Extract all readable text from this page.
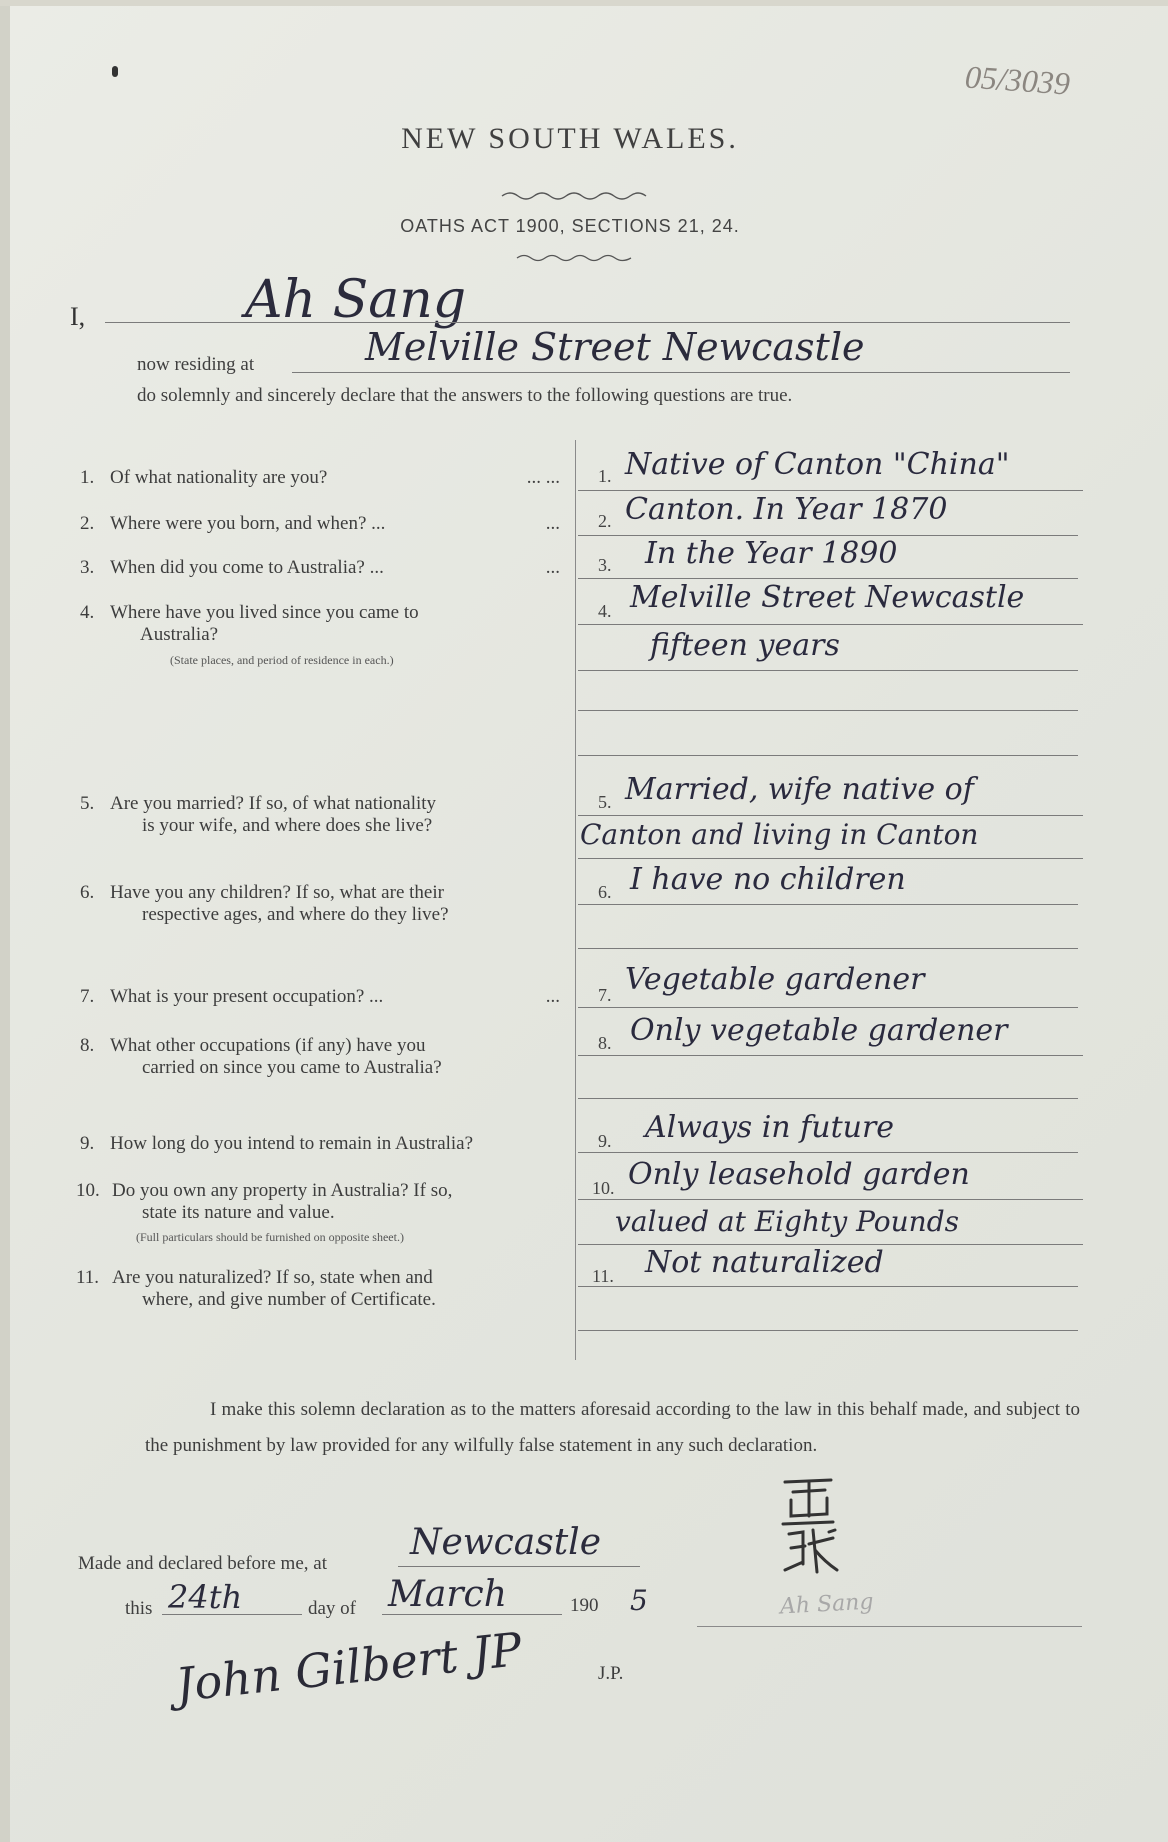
05/3039
NEW SOUTH WALES.
OATHS ACT 1900, SECTIONS 21, 24.
I,	Ah Sang
now residing at	Melville Street Newcastle
do solemnly and sincerely declare that the answers to the following questions are true.
1. Of what nationality are you?	... ... 1. Native of Canton "China"
2. Where were you born, and when? ...	... 2. Canton. In Year 1870
3. When did you come to Australia? ...	... 3. In the Year 1890
4. Where have you lived since you came to
Australia?
(State places, and period of residence in each.)
4. Melville Street Newcastle
fifteen years
5. Are you married? If so, of what nationality
is your wife, and where does she live?
5. Married, wife native of
Canton and living in Canton
6. Have you any children? If so, what are their
respective ages, and where do they live?
6. I have no children
7. What is your present occupation? ...	... 7. Vegetable gardener
8. What other occupations (if any) have you
carried on since you came to Australia?
8. Only vegetable gardener
9. How long do you intend to remain in Australia?	9. Always in future
10. Do you own any property in Australia? If so,
state its nature and value.
(Full particulars should be furnished on opposite sheet.)
10. Only leasehold garden
valued at Eighty Pounds
11. Are you naturalized? If so, state when and
where, and give number of Certificate.
11. Not naturalized
I make this solemn declaration as to the matters aforesaid according to the law in this behalf made, and subject to the punishment by law provided for any wilfully false statement in any such declaration.
Made and declared before me, at
Newcastle
this 24th	day of March	190 5
John Gilbert JP	J.P.
Ah Sang
